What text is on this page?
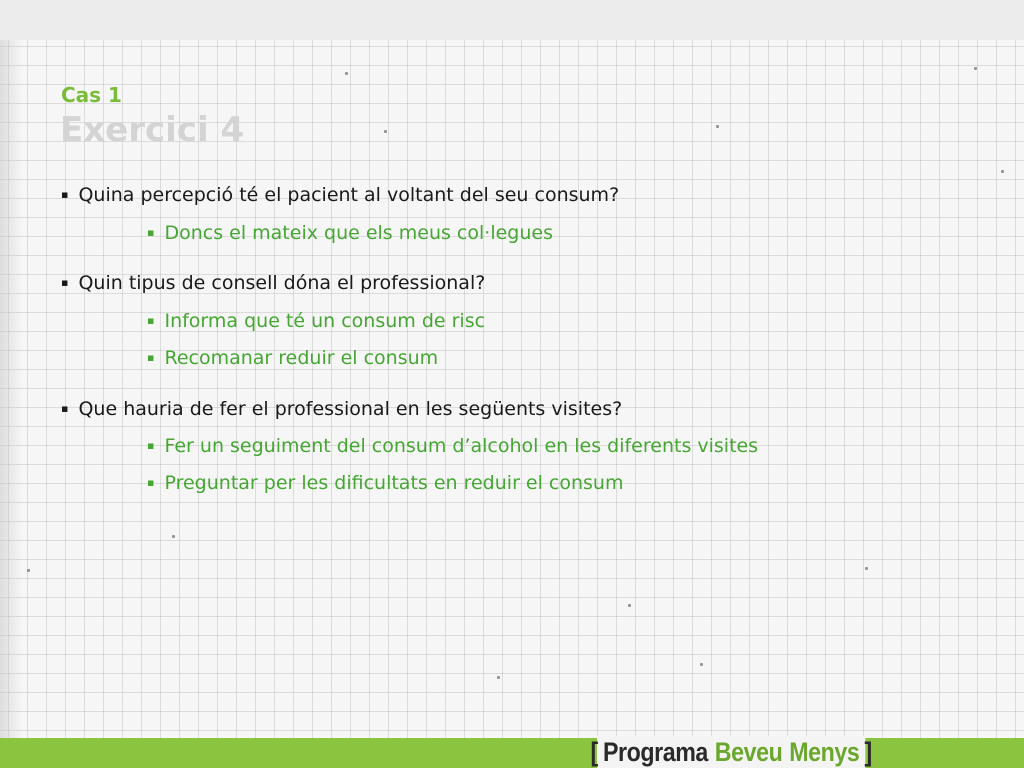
Cas 1
Exercici 4
▪ Quina percepció té el pacient al voltant del seu consum?
▪ Doncs el mateix que els meus col·legues
▪ Quin tipus de consell dóna el professional?
▪ Informa que té un consum de risc
▪ Recomanar reduir el consum
▪ Que hauria de fer el professional en les següents visites?
▪ Fer un seguiment del consum d’alcohol en les diferents visites
▪ Preguntar per les dificultats en reduir el consum
[ Programa Beveu Menys ]
